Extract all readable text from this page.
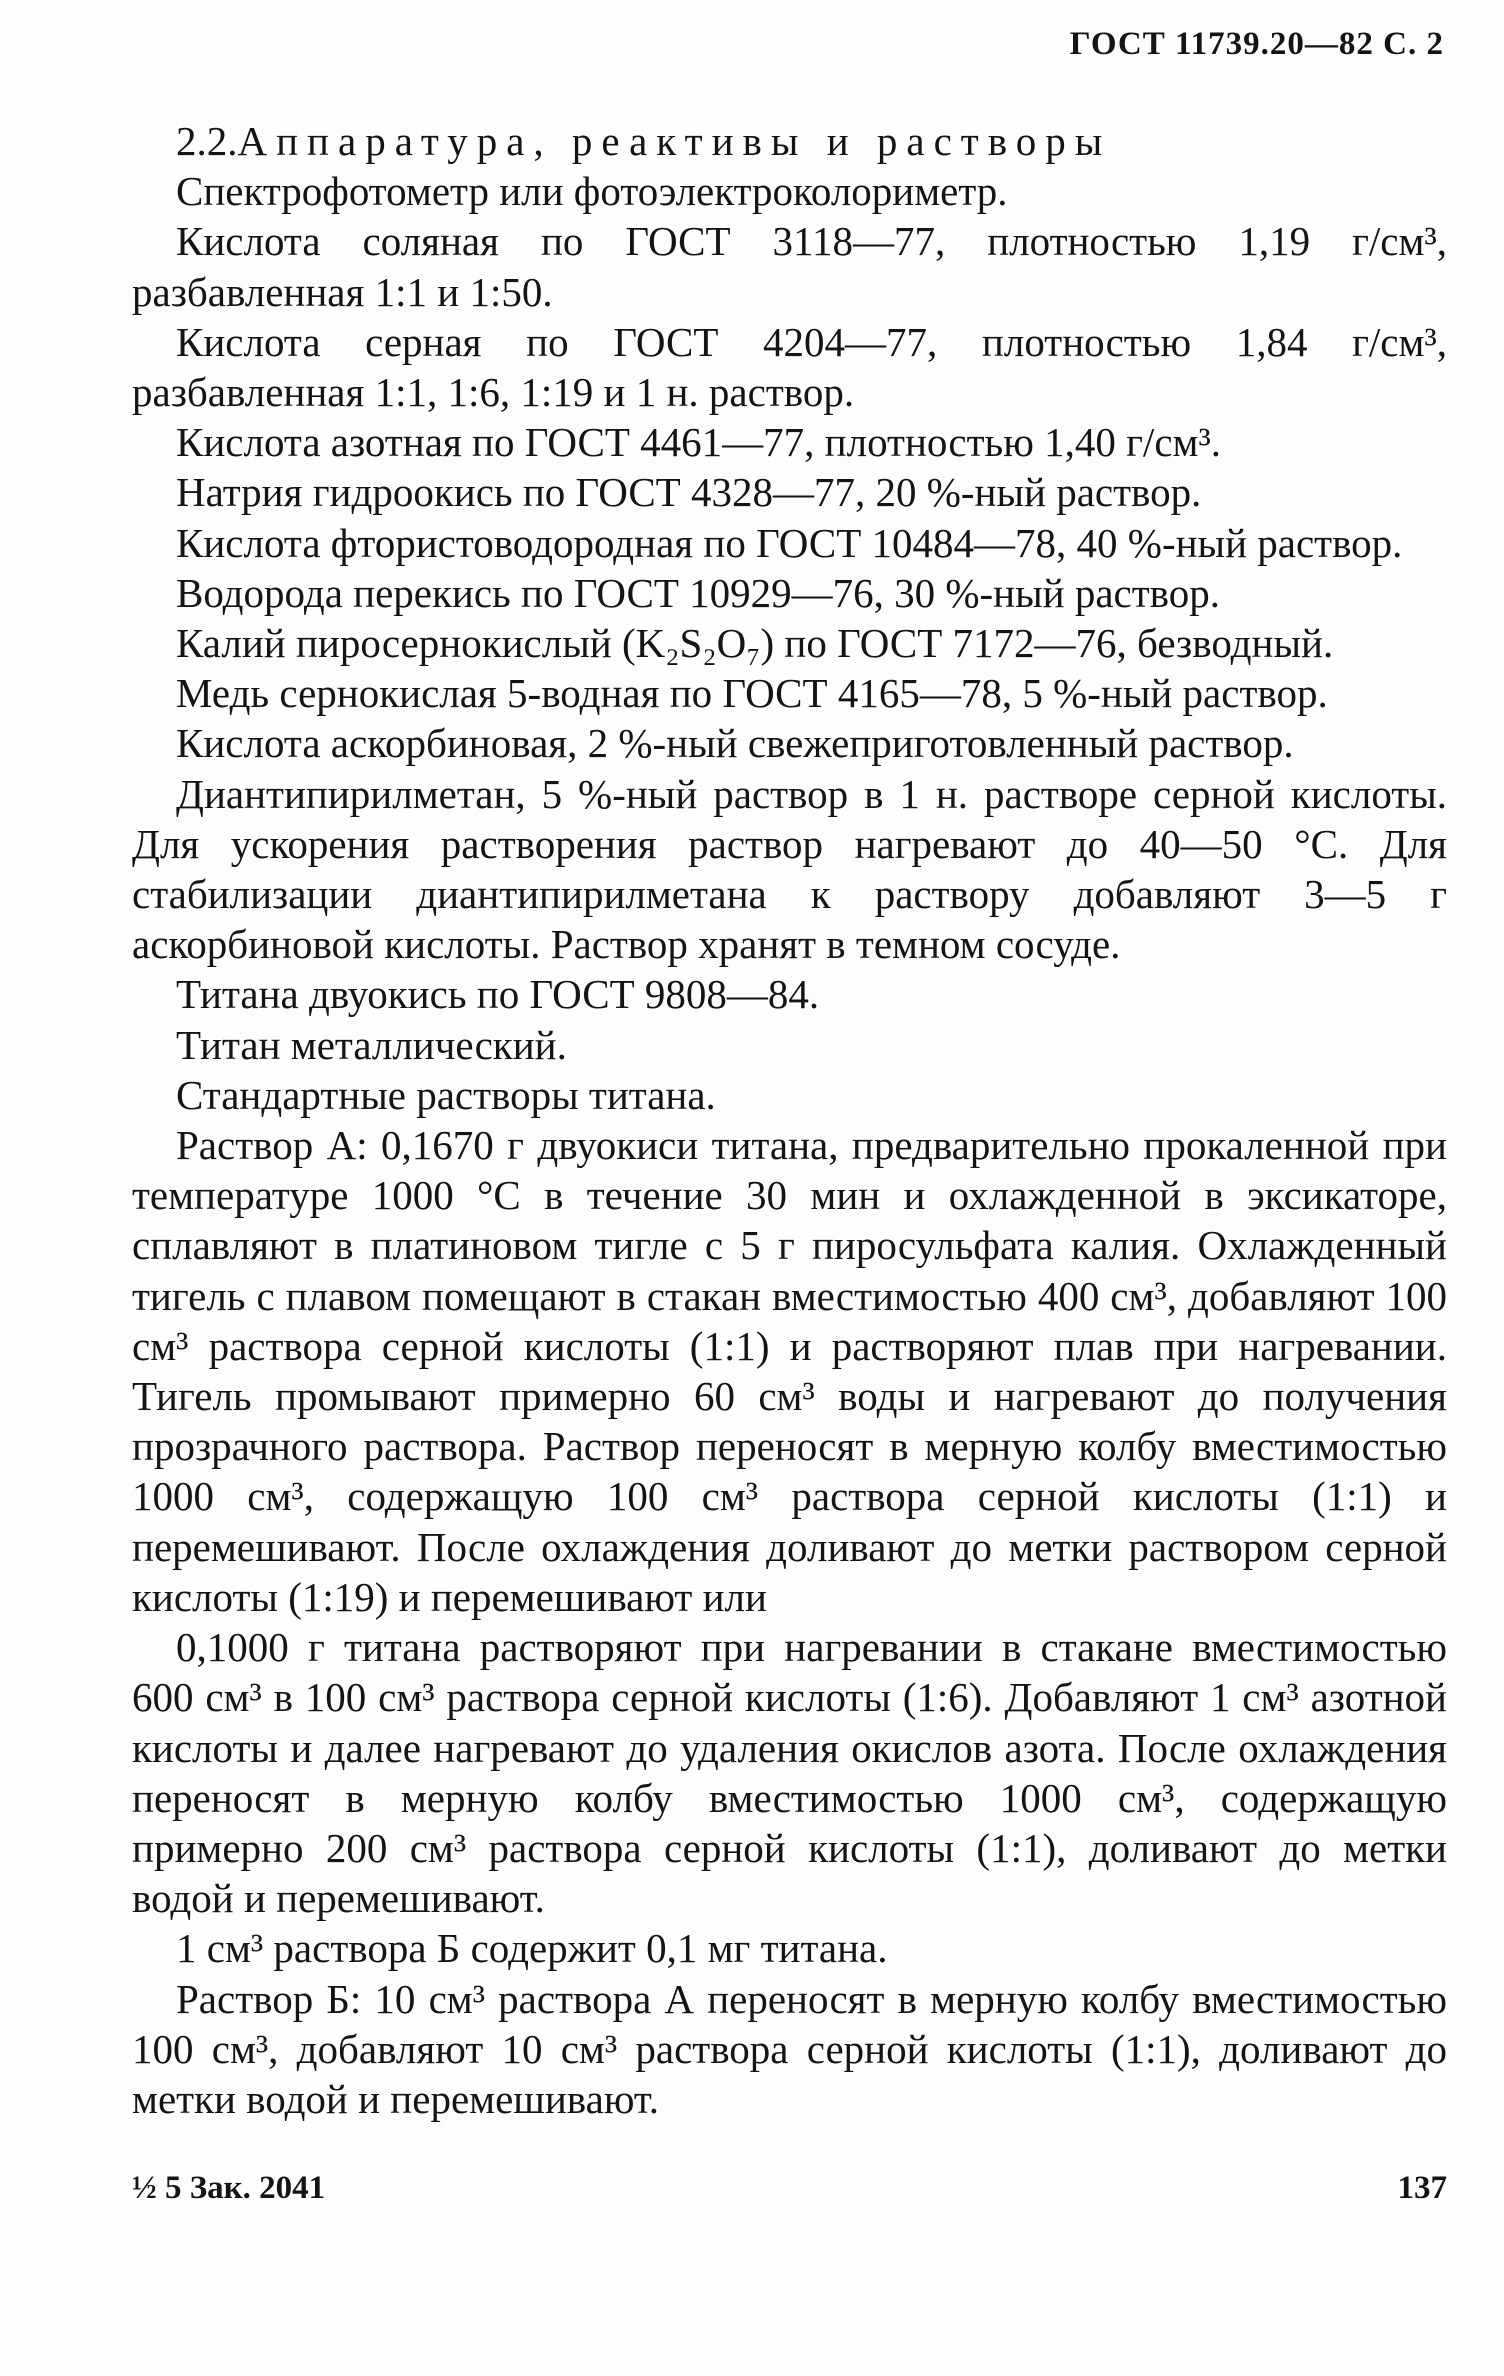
ГОСТ 11739.20—82 С. 2

2.2.Аппаратура, реактивы и растворы

Спектрофотометр или фотоэлектроколориметр.

Кислота соляная по ГОСТ 3118—77, плотностью 1,19 г/см³, разбавленная 1:1 и 1:50.

Кислота серная по ГОСТ 4204—77, плотностью 1,84 г/см³, разбавленная 1:1, 1:6, 1:19 и 1 н. раствор.

Кислота азотная по ГОСТ 4461—77, плотностью 1,40 г/см³.

Натрия гидроокись по ГОСТ 4328—77, 20 %-ный раствор.

Кислота фтористоводородная по ГОСТ 10484—78, 40 %-ный раствор.

Водорода перекись по ГОСТ 10929—76, 30 %-ный раствор.

Калий пиросернокислый (K₂S₂O₇) по ГОСТ 7172—76, безводный.

Медь сернокислая 5-водная по ГОСТ 4165—78, 5 %-ный раствор.

Кислота аскорбиновая, 2 %-ный свежеприготовленный раствор.

Диантипирилметан, 5 %-ный раствор в 1 н. растворе серной кислоты. Для ускорения растворения раствор нагревают до 40—50 °С. Для стабилизации диантипирилметана к раствору добавляют 3—5 г аскорбиновой кислоты. Раствор хранят в темном сосуде.

Титана двуокись по ГОСТ 9808—84.

Титан металлический.

Стандартные растворы титана.

Раствор А: 0,1670 г двуокиси титана, предварительно прокаленной при температуре 1000 °С в течение 30 мин и охлажденной в эксикаторе, сплавляют в платиновом тигле с 5 г пиросульфата калия. Охлажденный тигель с плавом помещают в стакан вместимостью 400 см³, добавляют 100 см³ раствора серной кислоты (1:1) и растворяют плав при нагревании. Тигель промывают примерно 60 см³ воды и нагревают до получения прозрачного раствора. Раствор переносят в мерную колбу вместимостью 1000 см³, содержащую 100 см³ раствора серной кислоты (1:1) и перемешивают. После охлаждения доливают до метки раствором серной кислоты (1:19) и перемешивают или

0,1000 г титана растворяют при нагревании в стакане вместимостью 600 см³ в 100 см³ раствора серной кислоты (1:6). Добавляют 1 см³ азотной кислоты и далее нагревают до удаления окислов азота. После охлаждения переносят в мерную колбу вместимостью 1000 см³, содержащую примерно 200 см³ раствора серной кислоты (1:1), доливают до метки водой и перемешивают.

1 см³ раствора Б содержит 0,1 мг титана.

Раствор Б: 10 см³ раствора А переносят в мерную колбу вместимостью 100 см³, добавляют 10 см³ раствора серной кислоты (1:1), доливают до метки водой и перемешивают.

½ 5 Зак. 2041	137
